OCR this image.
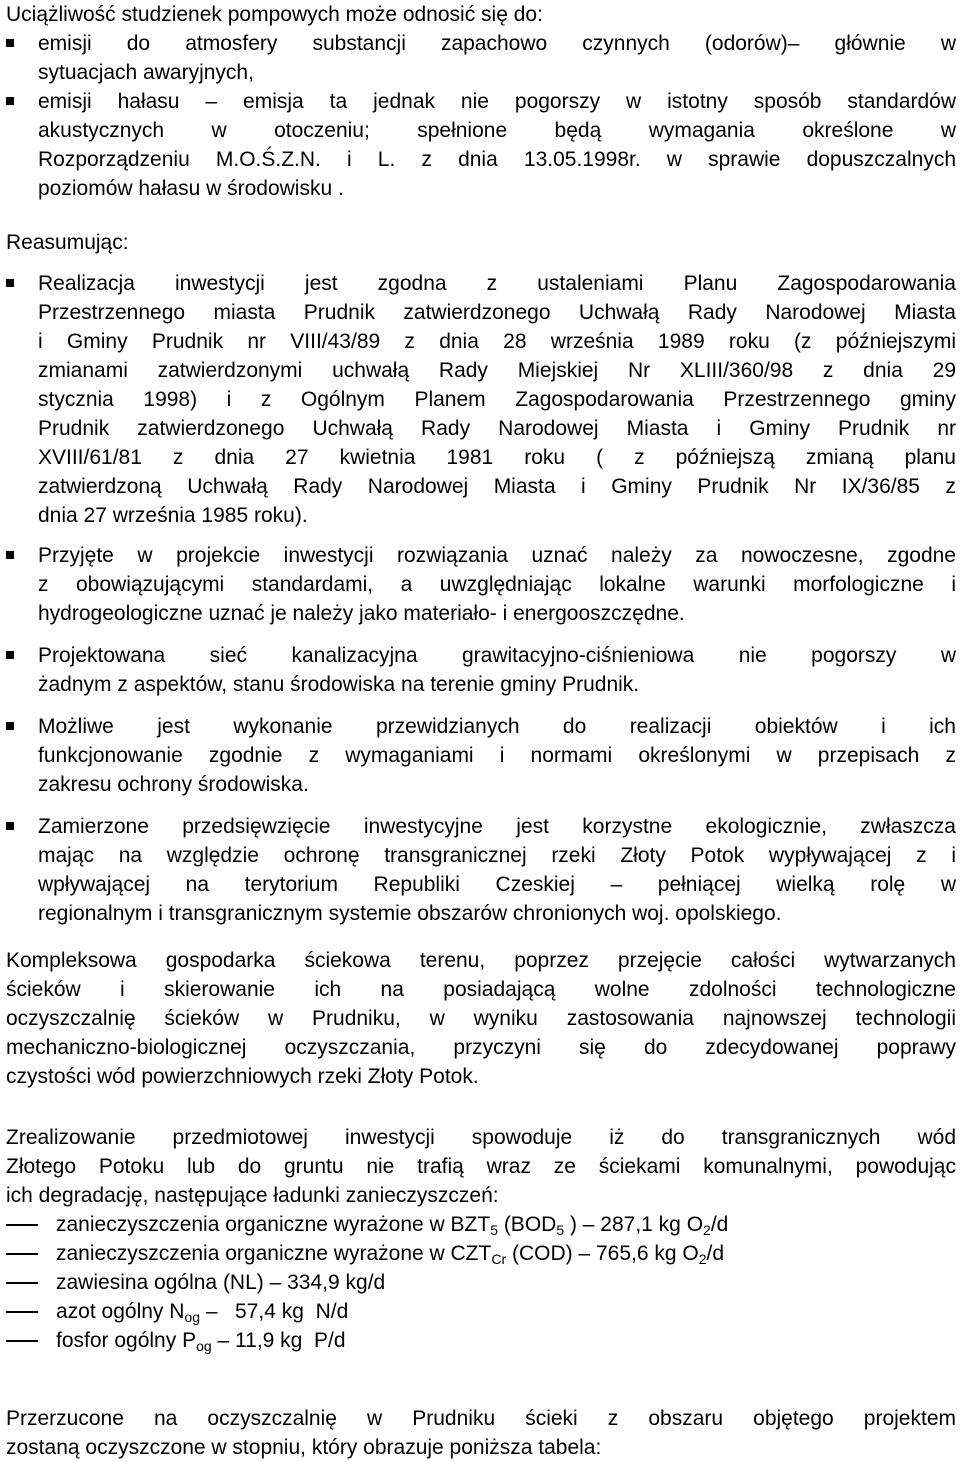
Uciążliwość studzienek pompowych może odnosić się do:

emisji do atmosfery substancji zapachowo czynnych (odorów)– głównie w
sytuacjach awaryjnych,

emisji hałasu – emisja ta jednak nie pogorszy w istotny sposób standardów
akustycznych w otoczeniu; spełnione będą wymagania określone w
Rozporządzeniu M.O.Ś.Z.N. i L. z dnia 13.05.1998r. w sprawie dopuszczalnych
poziomów hałasu w środowisku .

Reasumując:

Realizacja inwestycji jest zgodna z ustaleniami Planu Zagospodarowania
Przestrzennego miasta Prudnik zatwierdzonego Uchwałą Rady Narodowej Miasta
i Gminy Prudnik nr VIII/43/89 z dnia 28 września 1989 roku (z późniejszymi
zmianami zatwierdzonymi uchwałą Rady Miejskiej Nr XLIII/360/98 z dnia 29
stycznia 1998) i z Ogólnym Planem Zagospodarowania Przestrzennego gminy
Prudnik zatwierdzonego Uchwałą Rady Narodowej Miasta i Gminy Prudnik nr
XVIII/61/81 z dnia 27 kwietnia 1981 roku ( z późniejszą zmianą planu
zatwierdzoną Uchwałą Rady Narodowej Miasta i Gminy Prudnik Nr IX/36/85 z
dnia 27 września 1985 roku).

Przyjęte w projekcie inwestycji rozwiązania uznać należy za nowoczesne, zgodne
z obowiązującymi standardami, a uwzględniając lokalne warunki morfologiczne i
hydrogeologiczne uznać je należy jako materiało- i energooszczędne.

Projektowana sieć kanalizacyjna grawitacyjno-ciśnieniowa nie pogorszy w
żadnym z aspektów, stanu środowiska na terenie gminy Prudnik.

Możliwe jest wykonanie przewidzianych do realizacji obiektów i ich
funkcjonowanie zgodnie z wymaganiami i normami określonymi w przepisach z
zakresu ochrony środowiska.

Zamierzone przedsięwzięcie inwestycyjne jest korzystne ekologicznie, zwłaszcza
mając na względzie ochronę transgranicznej rzeki Złoty Potok wypływającej z i
wpływającej na terytorium Republiki Czeskiej – pełniącej wielką rolę w
regionalnym i transgranicznym systemie obszarów chronionych woj. opolskiego.

Kompleksowa gospodarka ściekowa terenu, poprzez przejęcie całości wytwarzanych
ścieków i skierowanie ich na posiadającą wolne zdolności technologiczne
oczyszczalnię ścieków w Prudniku, w wyniku zastosowania najnowszej technologii
mechaniczno-biologicznej oczyszczania, przyczyni się do zdecydowanej poprawy
czystości wód powierzchniowych rzeki Złoty Potok.

Zrealizowanie przedmiotowej inwestycji spowoduje iż do transgranicznych wód
Złotego Potoku lub do gruntu nie trafią wraz ze ściekami komunalnymi, powodując
ich degradację, następujące ładunki zanieczyszczeń:

zanieczyszczenia organiczne wyrażone w $BZT_5$ ($BOD_5$ ) – 287,1 kg $O_2/d$
zanieczyszczenia organiczne wyrażone w $CZT_{Cr}$ (COD) – 765,6 kg $O_2/d$
zawiesina ogólna (NL) – 334,9 kg/d
azot ogólny $N_{og} - 57,4$ kg  N/d
fosfor ogólny $P_{og} - 11,9$ kg  P/d

Przerzucone na oczyszczalnię w Prudniku ścieki z obszaru objętego projektem
zostaną oczyszczone w stopniu, który obrazuje poniższa tabela:
